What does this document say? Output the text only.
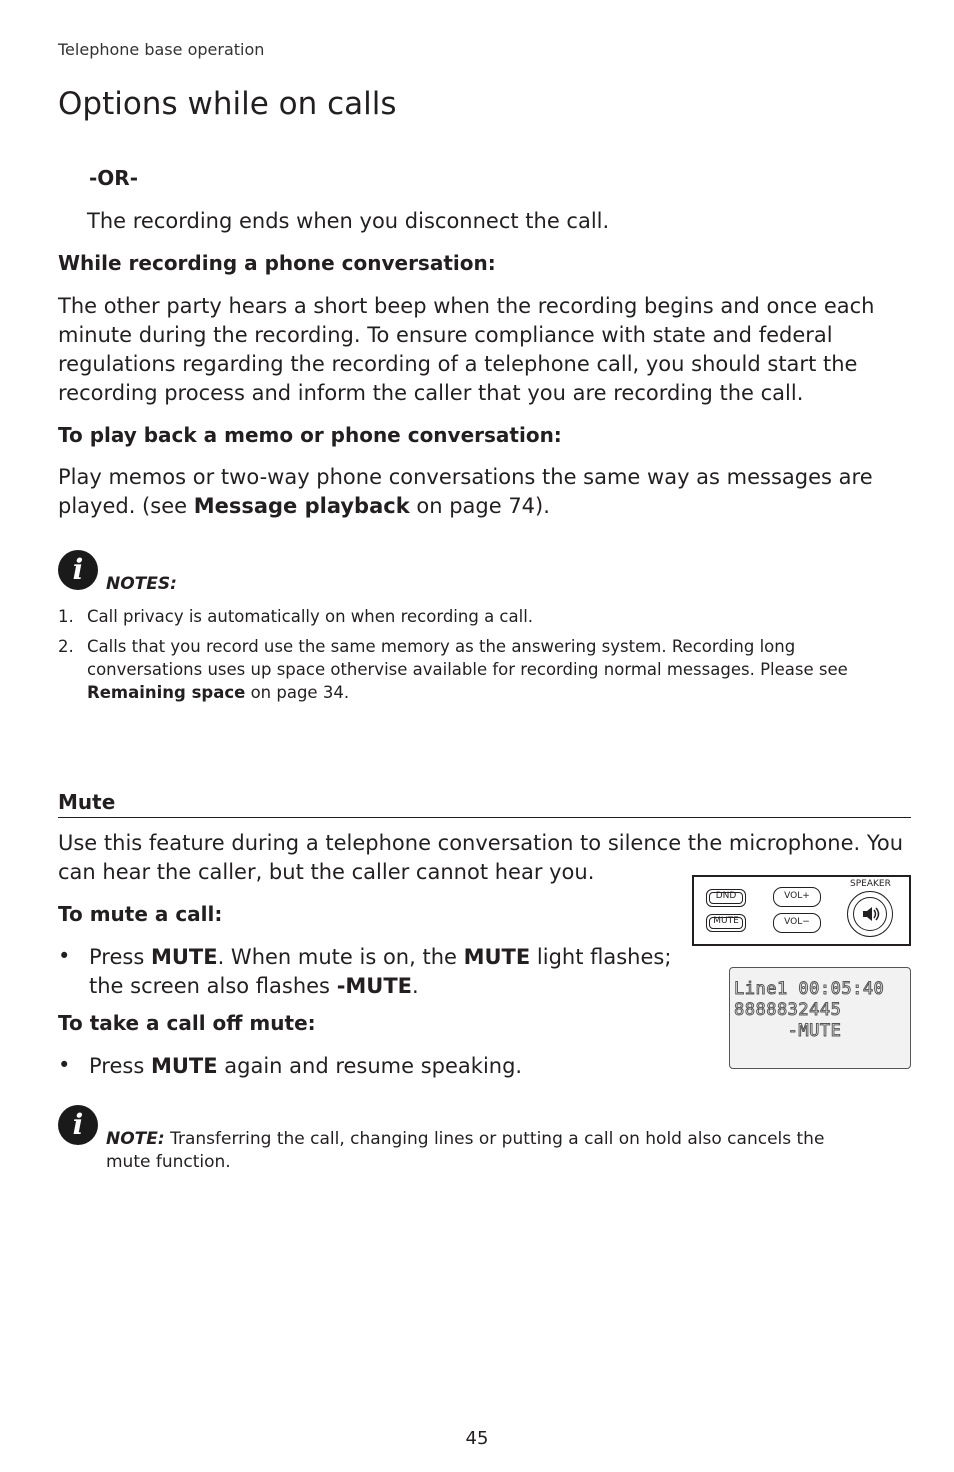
Telephone base operation
Options while on calls
-OR-
The recording ends when you disconnect the call.
While recording a phone conversation:
The other party hears a short beep when the recording begins and once each minute during the recording. To ensure compliance with state and federal regulations regarding the recording of a telephone call, you should start the recording process and inform the caller that you are recording the call.
To play back a memo or phone conversation:
Play memos or two-way phone conversations the same way as messages are played. (see Message playback on page 74).
i	NOTES:
1. Call privacy is automatically on when recording a call.
2. Calls that you record use the same memory as the answering system. Recording long conversations uses up space othervise available for recording normal messages. Please see Remaining space on page 34.
Mute
Use this feature during a telephone conversation to silence the microphone. You can hear the caller, but the caller cannot hear you.
To mute a call:
• Press MUTE. When mute is on, the MUTE light flashes; the screen also flashes -MUTE.
To take a call off mute:
• Press MUTE again and resume speaking.
DND
MUTE
VOL+
VOL−
SPEAKER
Line1 00:05:40
8888832445
-MUTE
i	NOTE: Transferring the call, changing lines or putting a call on hold also cancels the mute function.
45
